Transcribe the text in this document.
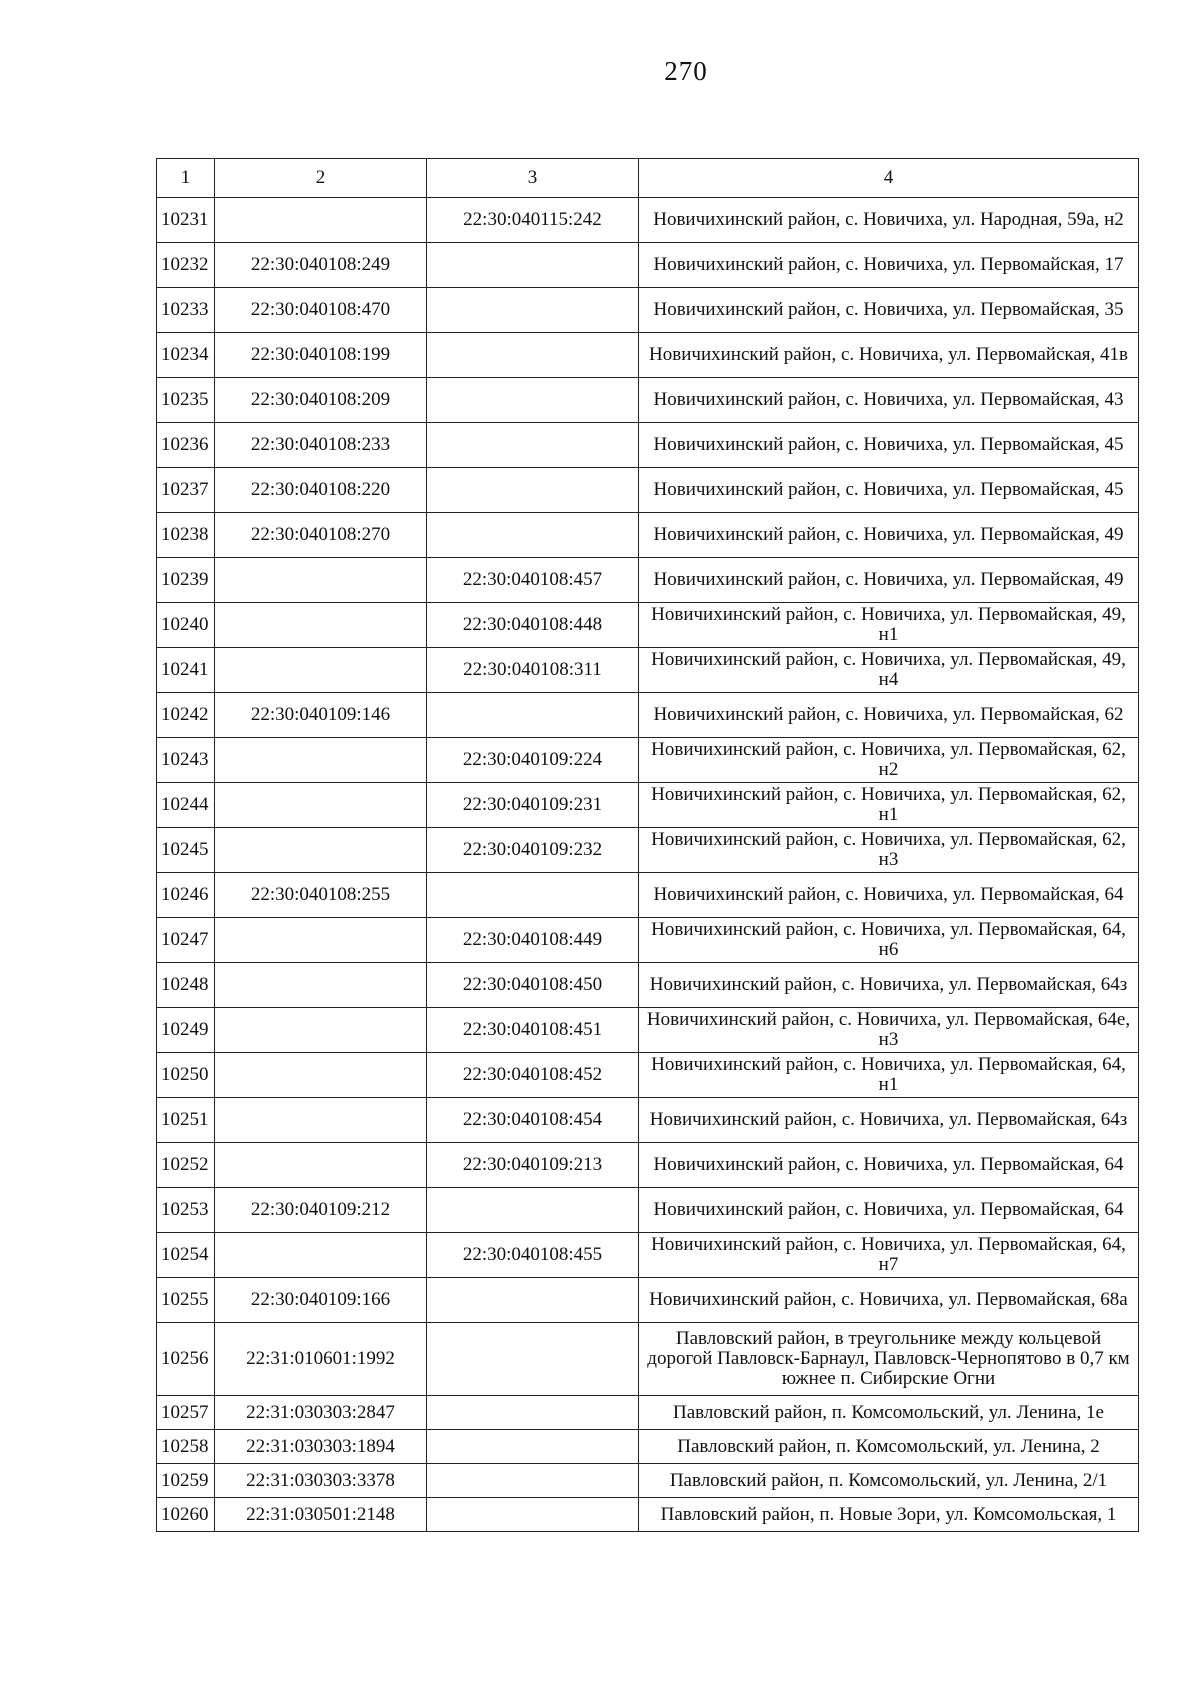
270
1	2	3	4
10231		22:30:040115:242	Новичихинский район, с. Новичиха, ул. Народная, 59а, н2
10232	22:30:040108:249		Новичихинский район, с. Новичиха, ул. Первомайская, 17
10233	22:30:040108:470		Новичихинский район, с. Новичиха, ул. Первомайская, 35
10234	22:30:040108:199		Новичихинский район, с. Новичиха, ул. Первомайская, 41в
10235	22:30:040108:209		Новичихинский район, с. Новичиха, ул. Первомайская, 43
10236	22:30:040108:233		Новичихинский район, с. Новичиха, ул. Первомайская, 45
10237	22:30:040108:220		Новичихинский район, с. Новичиха, ул. Первомайская, 45
10238	22:30:040108:270		Новичихинский район, с. Новичиха, ул. Первомайская, 49
10239		22:30:040108:457	Новичихинский район, с. Новичиха, ул. Первомайская, 49
10240		22:30:040108:448	Новичихинский район, с. Новичиха, ул. Первомайская, 49, н1
10241		22:30:040108:311	Новичихинский район, с. Новичиха, ул. Первомайская, 49, н4
10242	22:30:040109:146		Новичихинский район, с. Новичиха, ул. Первомайская, 62
10243		22:30:040109:224	Новичихинский район, с. Новичиха, ул. Первомайская, 62, н2
10244		22:30:040109:231	Новичихинский район, с. Новичиха, ул. Первомайская, 62, н1
10245		22:30:040109:232	Новичихинский район, с. Новичиха, ул. Первомайская, 62, н3
10246	22:30:040108:255		Новичихинский район, с. Новичиха, ул. Первомайская, 64
10247		22:30:040108:449	Новичихинский район, с. Новичиха, ул. Первомайская, 64, н6
10248		22:30:040108:450	Новичихинский район, с. Новичиха, ул. Первомайская, 64з
10249		22:30:040108:451	Новичихинский район, с. Новичиха, ул. Первомайская, 64е, н3
10250		22:30:040108:452	Новичихинский район, с. Новичиха, ул. Первомайская, 64, н1
10251		22:30:040108:454	Новичихинский район, с. Новичиха, ул. Первомайская, 64з
10252		22:30:040109:213	Новичихинский район, с. Новичиха, ул. Первомайская, 64
10253	22:30:040109:212		Новичихинский район, с. Новичиха, ул. Первомайская, 64
10254		22:30:040108:455	Новичихинский район, с. Новичиха, ул. Первомайская, 64, н7
10255	22:30:040109:166		Новичихинский район, с. Новичиха, ул. Первомайская, 68а
10256	22:31:010601:1992		Павловский район, в треугольнике между кольцевой дорогой Павловск-Барнаул, Павловск-Чернопятово в 0,7 км южнее п. Сибирские Огни
10257	22:31:030303:2847		Павловский район, п. Комсомольский, ул. Ленина, 1е
10258	22:31:030303:1894		Павловский район, п. Комсомольский, ул. Ленина, 2
10259	22:31:030303:3378		Павловский район, п. Комсомольский, ул. Ленина, 2/1
10260	22:31:030501:2148		Павловский район, п. Новые Зори, ул. Комсомольская, 1
